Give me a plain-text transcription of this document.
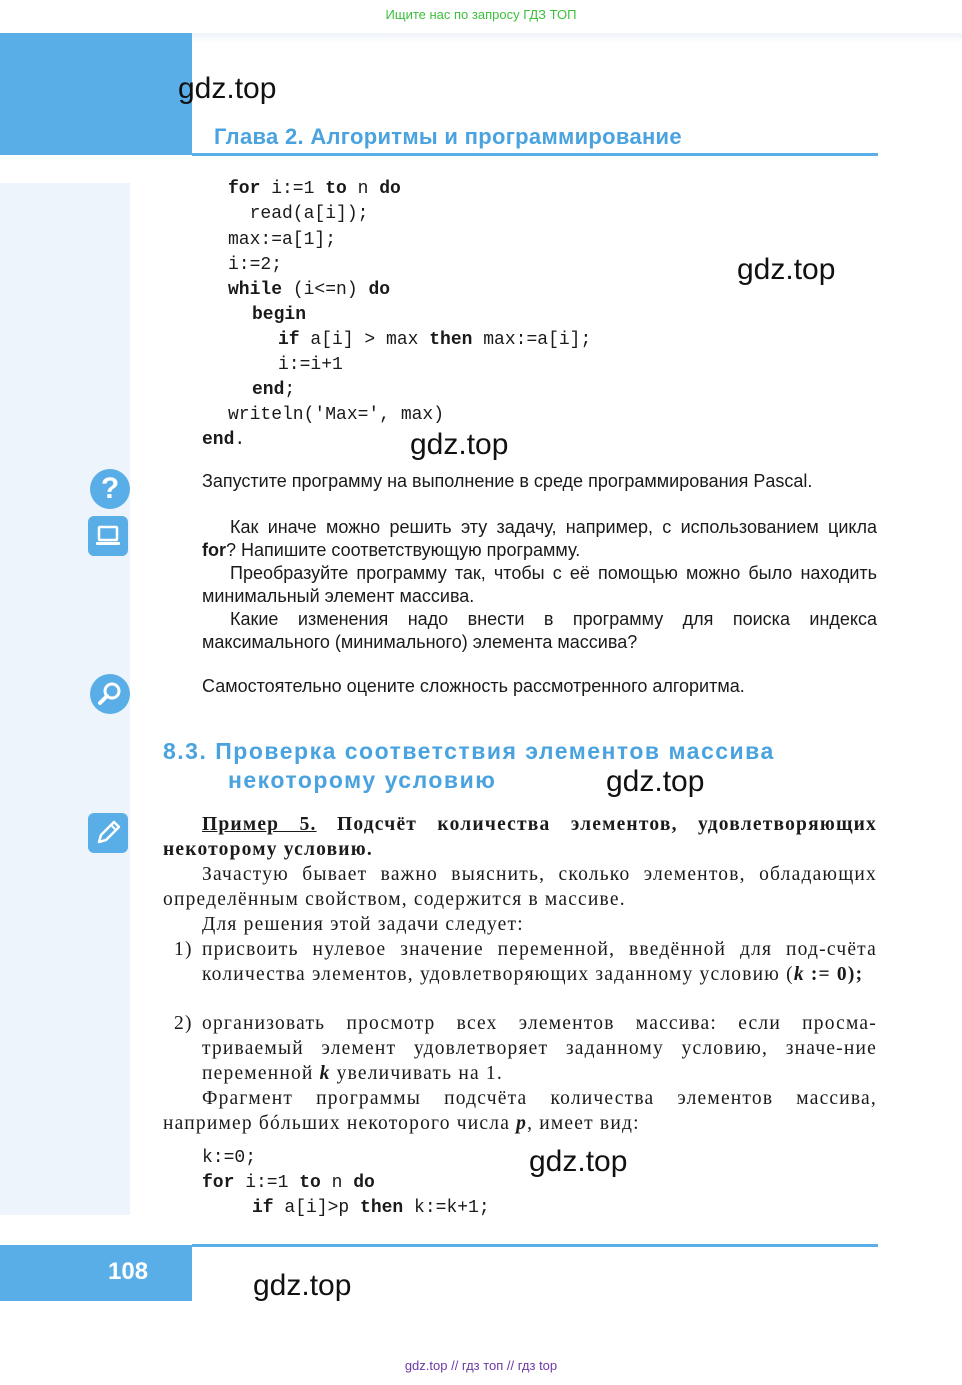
Ищите нас по запросу ГДЗ ТОП
gdz.top
Глава 2. Алгоритмы и программирование
for i:=1 to n do
read(a[i]);
max:=a[1];
i:=2;
while (i<=n) do
begin
if a[i] > max then max:=a[i];
i:=i+1
end;
writeln('Max=', max)
end.
gdz.top
gdz.top
?	Запустите программу на выполнение в среде программирования Pascal.
Как иначе можно решить эту задачу, например, с использованием цикла for? Напишите соответствующую программу.
Преобразуйте программу так, чтобы с её помощью можно было находить минимальный элемент массива.
Какие изменения надо внести в программу для поиска индекса максимального (минимального) элемента массива?
Самостоятельно оцените сложность рассмотренного алгоритма.
8.3. Проверка соответствия элементов массива
некоторому условию	gdz.top
Пример 5. Подсчёт количества элементов, удовлетворяющих некоторому условию.
Зачастую бывает важно выяснить, сколько элементов, обладающих определённым свойством, содержится в массиве.
Для решения этой задачи следует:
1) присвоить нулевое значение переменной, введённой для под-счёта количества элементов, удовлетворяющих заданному условию (k := 0);
2) организовать просмотр всех элементов массива: если просма-триваемый элемент удовлетворяет заданному условию, значе-ние переменной k увеличивать на 1.
Фрагмент программы подсчёта количества элементов массива, например бóльших некоторого числа p, имеет вид:
k:=0;
for i:=1 to n do
if a[i]>p then k:=k+1;
gdz.top
108	gdz.top
gdz.top // гдз топ // гдз top
